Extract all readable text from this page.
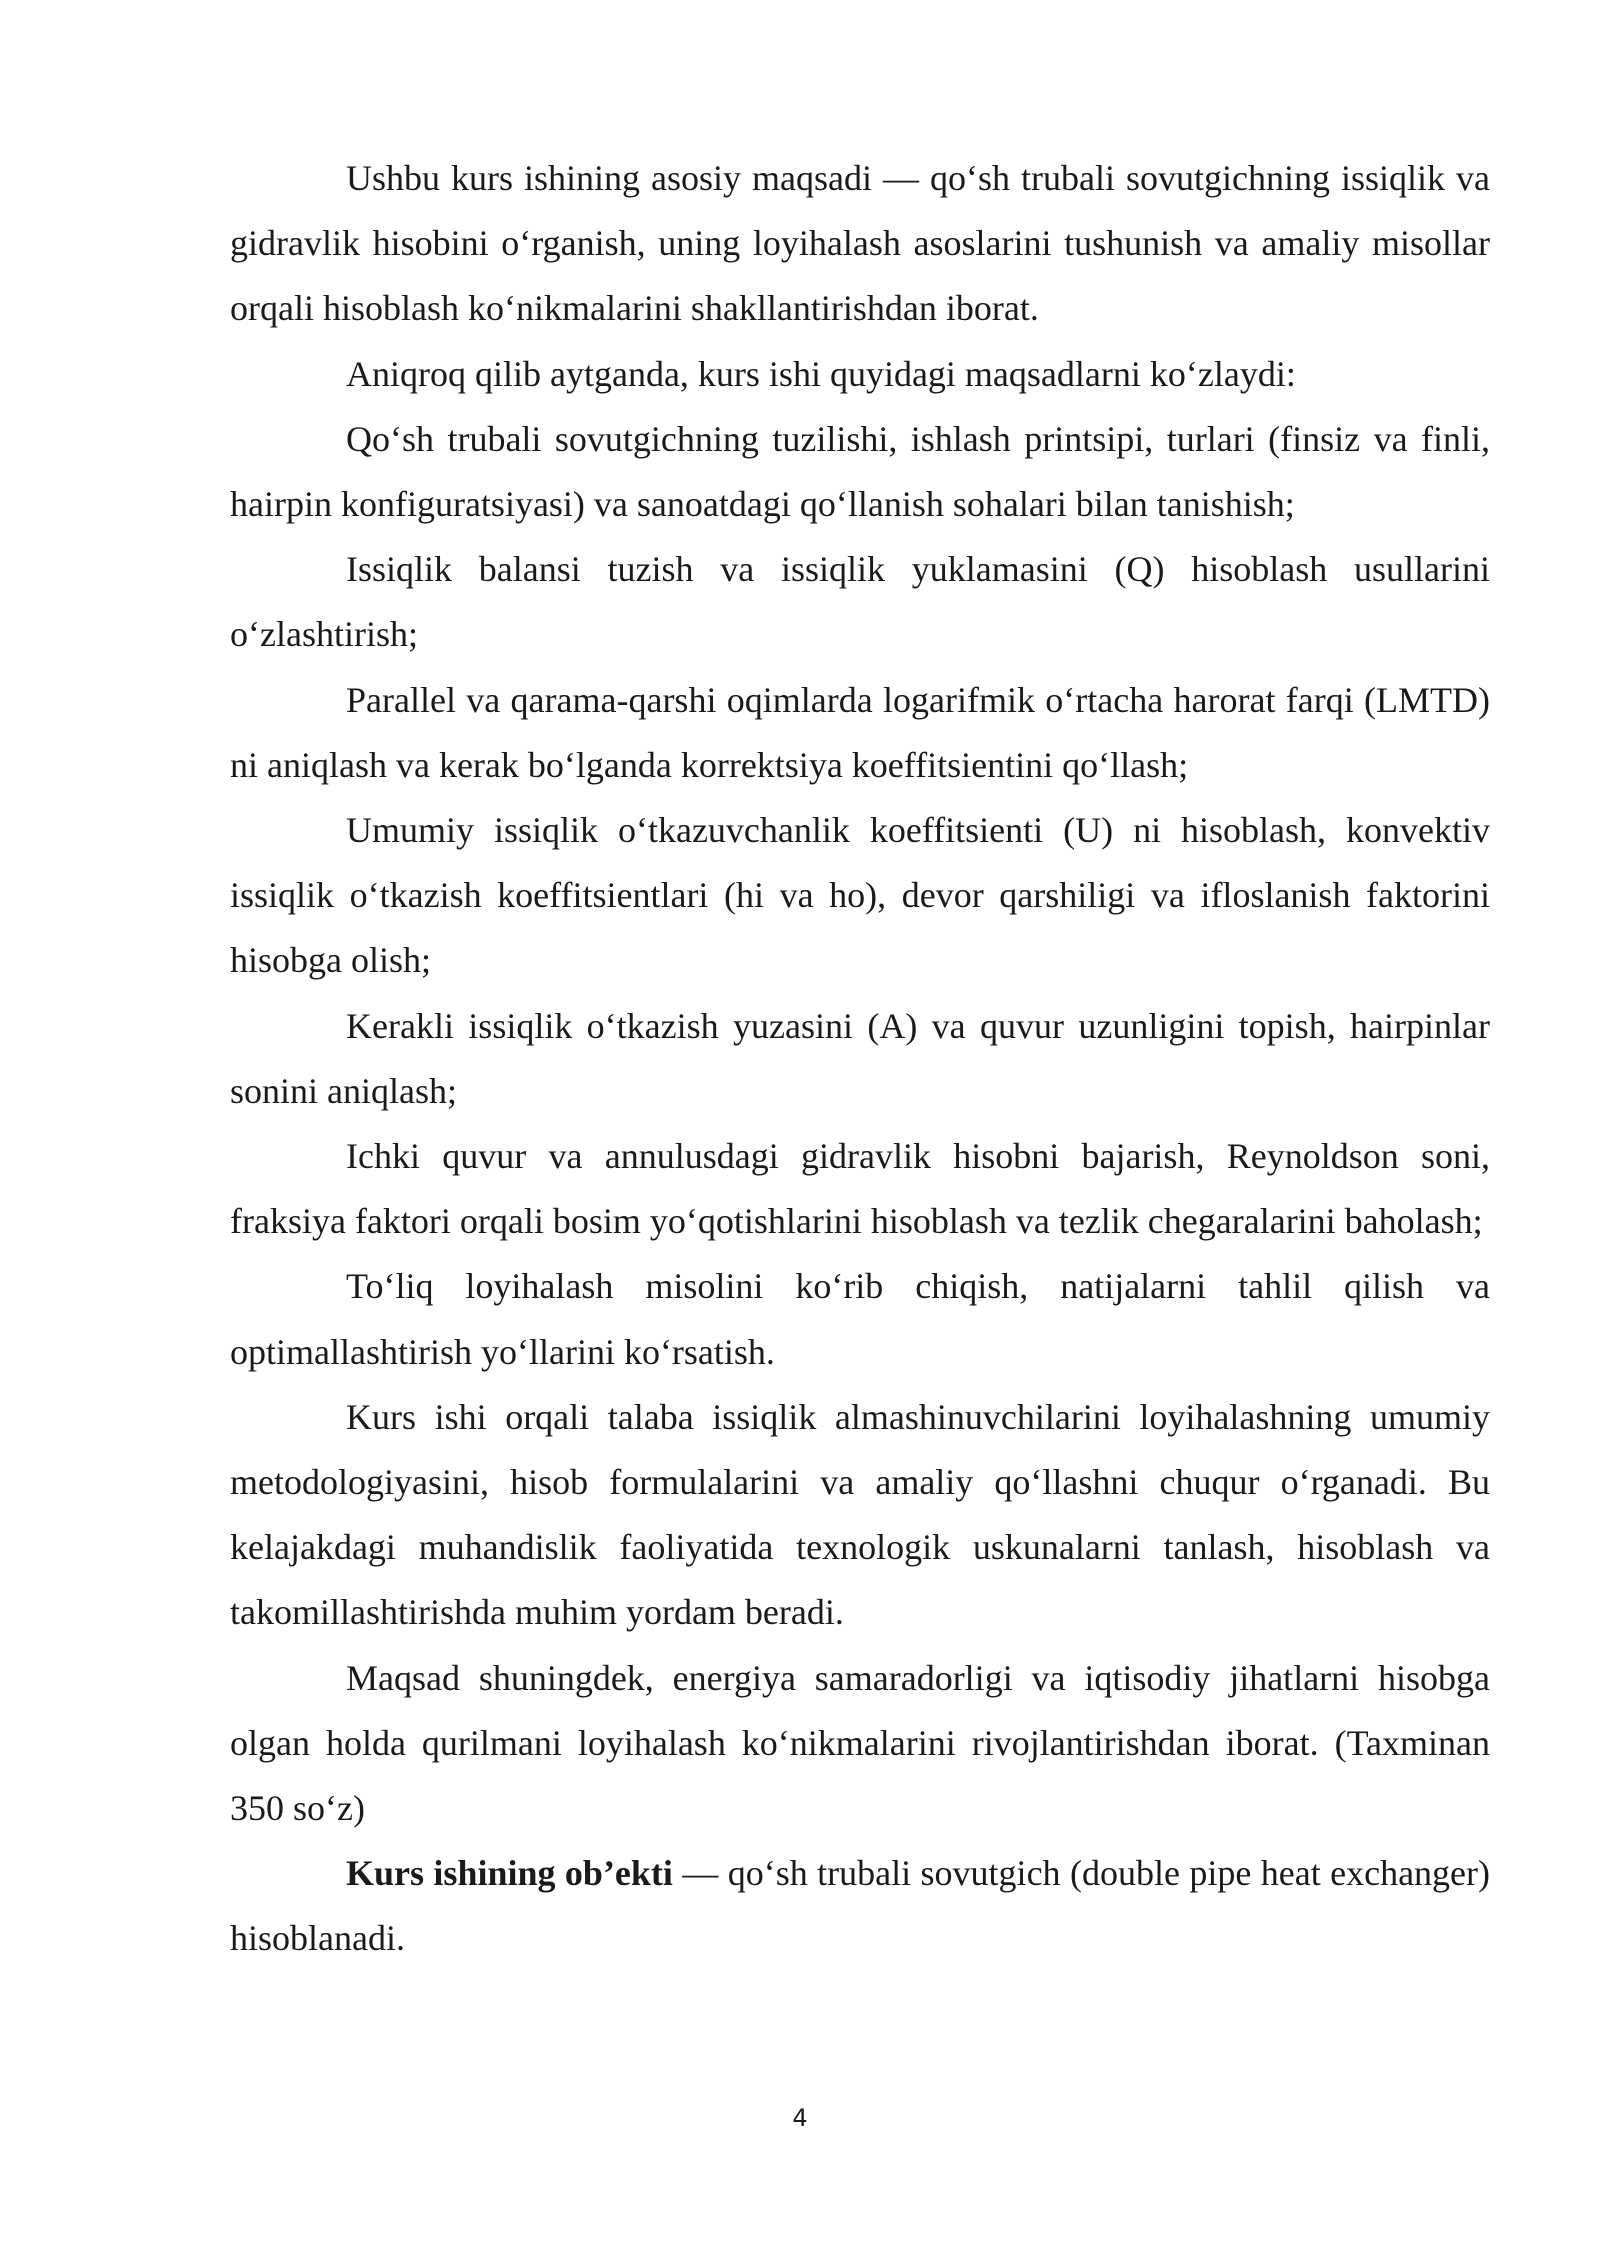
Ushbu kurs ishining asosiy maqsadi — qo‘sh trubali sovutgichning issiqlik va gidravlik hisobini o‘rganish, uning loyihalash asoslarini tushunish va amaliy misollar orqali hisoblash ko‘nikmalarini shakllantirishdan iborat.

Aniqroq qilib aytganda, kurs ishi quyidagi maqsadlarni ko‘zlaydi:

Qo‘sh trubali sovutgichning tuzilishi, ishlash printsipi, turlari (finsiz va finli, hairpin konfiguratsiyasi) va sanoatdagi qo‘llanish sohalari bilan tanishish;

Issiqlik balansi tuzish va issiqlik yuklamasini (Q) hisoblash usullarini o‘zlashtirish;

Parallel va qarama-qarshi oqimlarda logarifmik o‘rtacha harorat farqi (LMTD) ni aniqlash va kerak bo‘lganda korrektsiya koeffitsientini qo‘llash;

Umumiy issiqlik o‘tkazuvchanlik koeffitsienti (U) ni hisoblash, konvektiv issiqlik o‘tkazish koeffitsientlari (hi va ho), devor qarshiligi va ifloslanish faktorini hisobga olish;

Kerakli issiqlik o‘tkazish yuzasini (A) va quvur uzunligini topish, hairpinlar sonini aniqlash;

Ichki quvur va annulusdagi gidravlik hisobni bajarish, Reynoldson soni, fraksiya faktori orqali bosim yo‘qotishlarini hisoblash va tezlik chegaralarini baholash;

To‘liq loyihalash misolini ko‘rib chiqish, natijalarni tahlil qilish va optimallashtirish yo‘llarini ko‘rsatish.

Kurs ishi orqali talaba issiqlik almashinuvchilarini loyihalashning umumiy metodologiyasini, hisob formulalarini va amaliy qo‘llashni chuqur o‘rganadi. Bu kelajakdagi muhandislik faoliyatida texnologik uskunalarni tanlash, hisoblash va takomillashtirishda muhim yordam beradi.

Maqsad shuningdek, energiya samaradorligi va iqtisodiy jihatlarni hisobga olgan holda qurilmani loyihalash ko‘nikmalarini rivojlantirishdan iborat. (Taxminan 350 so‘z)

Kurs ishining ob’ekti — qo‘sh trubali sovutgich (double pipe heat exchanger) hisoblanadi.

4
